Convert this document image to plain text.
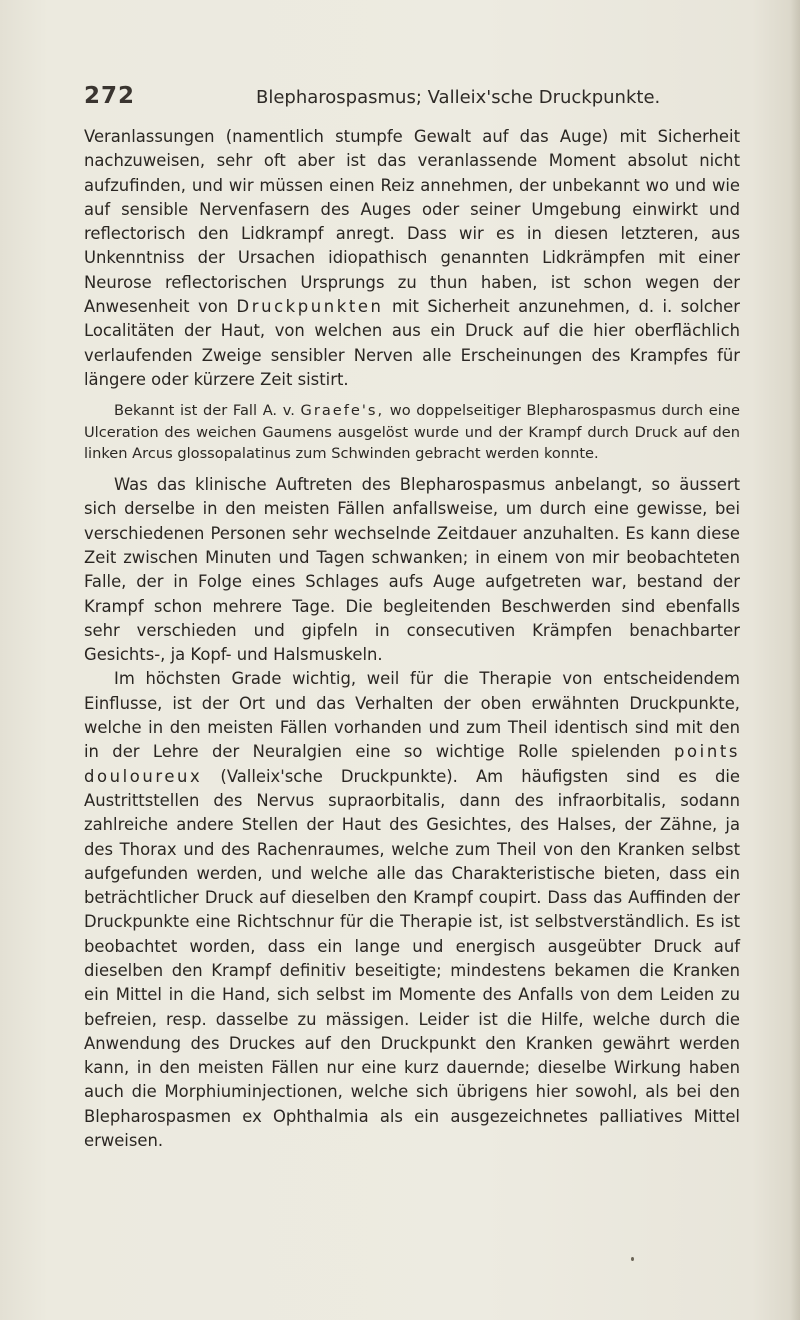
272	Blepharospasmus; Valleix'sche Druckpunkte.

Veranlassungen (namentlich stumpfe Gewalt auf das Auge) mit Sicherheit nachzuweisen, sehr oft aber ist das veranlassende Moment absolut nicht aufzufinden, und wir müssen einen Reiz annehmen, der unbekannt wo und wie auf sensible Nervenfasern des Auges oder seiner Umgebung einwirkt und reflectorisch den Lidkrampf anregt. Dass wir es in diesen letzteren, aus Unkenntniss der Ursachen idiopathisch genannten Lidkrämpfen mit einer Neurose reflectorischen Ursprungs zu thun haben, ist schon wegen der Anwesenheit von Druckpunkten mit Sicherheit anzunehmen, d. i. solcher Localitäten der Haut, von welchen aus ein Druck auf die hier oberflächlich verlaufenden Zweige sensibler Nerven alle Erscheinungen des Krampfes für längere oder kürzere Zeit sistirt.

Bekannt ist der Fall A. v. Graefe's, wo doppelseitiger Blepharospasmus durch eine Ulceration des weichen Gaumens ausgelöst wurde und der Krampf durch Druck auf den linken Arcus glossopalatinus zum Schwinden gebracht werden konnte.

Was das klinische Auftreten des Blepharospasmus anbelangt, so äussert sich derselbe in den meisten Fällen anfallsweise, um durch eine gewisse, bei verschiedenen Personen sehr wechselnde Zeitdauer anzuhalten. Es kann diese Zeit zwischen Minuten und Tagen schwanken; in einem von mir beobachteten Falle, der in Folge eines Schlages aufs Auge aufgetreten war, bestand der Krampf schon mehrere Tage. Die begleitenden Beschwerden sind ebenfalls sehr verschieden und gipfeln in consecutiven Krämpfen benachbarter Gesichts-, ja Kopf- und Halsmuskeln.

Im höchsten Grade wichtig, weil für die Therapie von entscheidendem Einflusse, ist der Ort und das Verhalten der oben erwähnten Druckpunkte, welche in den meisten Fällen vorhanden und zum Theil identisch sind mit den in der Lehre der Neuralgien eine so wichtige Rolle spielenden points douloureux (Valleix'sche Druckpunkte). Am häufigsten sind es die Austrittstellen des Nervus supraorbitalis, dann des infraorbitalis, sodann zahlreiche andere Stellen der Haut des Gesichtes, des Halses, der Zähne, ja des Thorax und des Rachenraumes, welche zum Theil von den Kranken selbst aufgefunden werden, und welche alle das Charakteristische bieten, dass ein beträchtlicher Druck auf dieselben den Krampf coupirt. Dass das Auffinden der Druckpunkte eine Richtschnur für die Therapie ist, ist selbstverständlich. Es ist beobachtet worden, dass ein lange und energisch ausgeübter Druck auf dieselben den Krampf definitiv beseitigte; mindestens bekamen die Kranken ein Mittel in die Hand, sich selbst im Momente des Anfalls von dem Leiden zu befreien, resp. dasselbe zu mässigen. Leider ist die Hilfe, welche durch die Anwendung des Druckes auf den Druckpunkt den Kranken gewährt werden kann, in den meisten Fällen nur eine kurz dauernde; dieselbe Wirkung haben auch die Morphiuminjectionen, welche sich übrigens hier sowohl, als bei den Blepharospasmen ex Ophthalmia als ein ausgezeichnetes palliatives Mittel erweisen.
